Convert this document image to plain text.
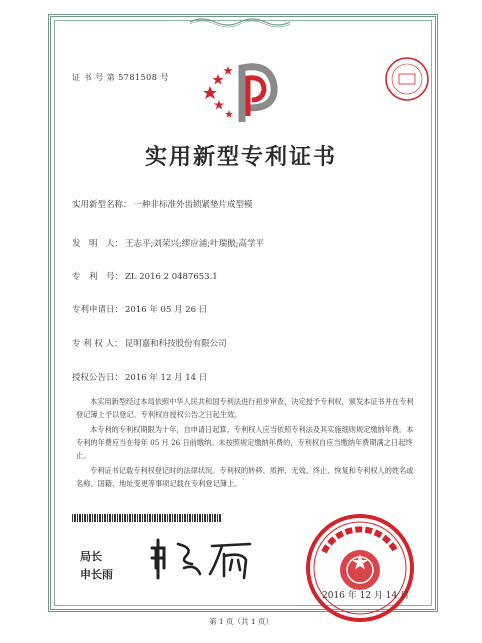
证 书 号 第 5781508 号
实用新型专利证书
实用新型名称： 一种非标准外齿锁紧垫片成型模
发　明　人： 王志平;刘荣兴;缪应浦;叶瑞傲;高学平
专　利　号： ZL 2016 2 0487653.1
专利申请日： 2016 年 05 月 26 日
专 利 权 人： 昆明嘉和科技股份有限公司
授权公告日： 2016 年 12 月 14 日
本实用新型经过本局依照中华人民共和国专利法进行初步审查，决定授予专利权，颁发本证书并在专利登记簿上予以登记。专利权自授权公告之日起生效。
本专利的专利权期限为十年，自申请日起算。专利权人应当依照专利法及其实施细则规定缴纳年费。本专利的年费应当在每年 05 月 26 日前缴纳。未按照规定缴纳年费的，专利权自应当缴纳年费期满之日起终止。
专利证书记载专利权登记时的法律状况。专利权的转移、质押、无效、终止、恢复和专利权人的姓名或名称、国籍、地址变更等事项记载在专利登记簿上。
局长
申长雨
2016 年 12 月 14 日
第 1 页（共 1 页）
